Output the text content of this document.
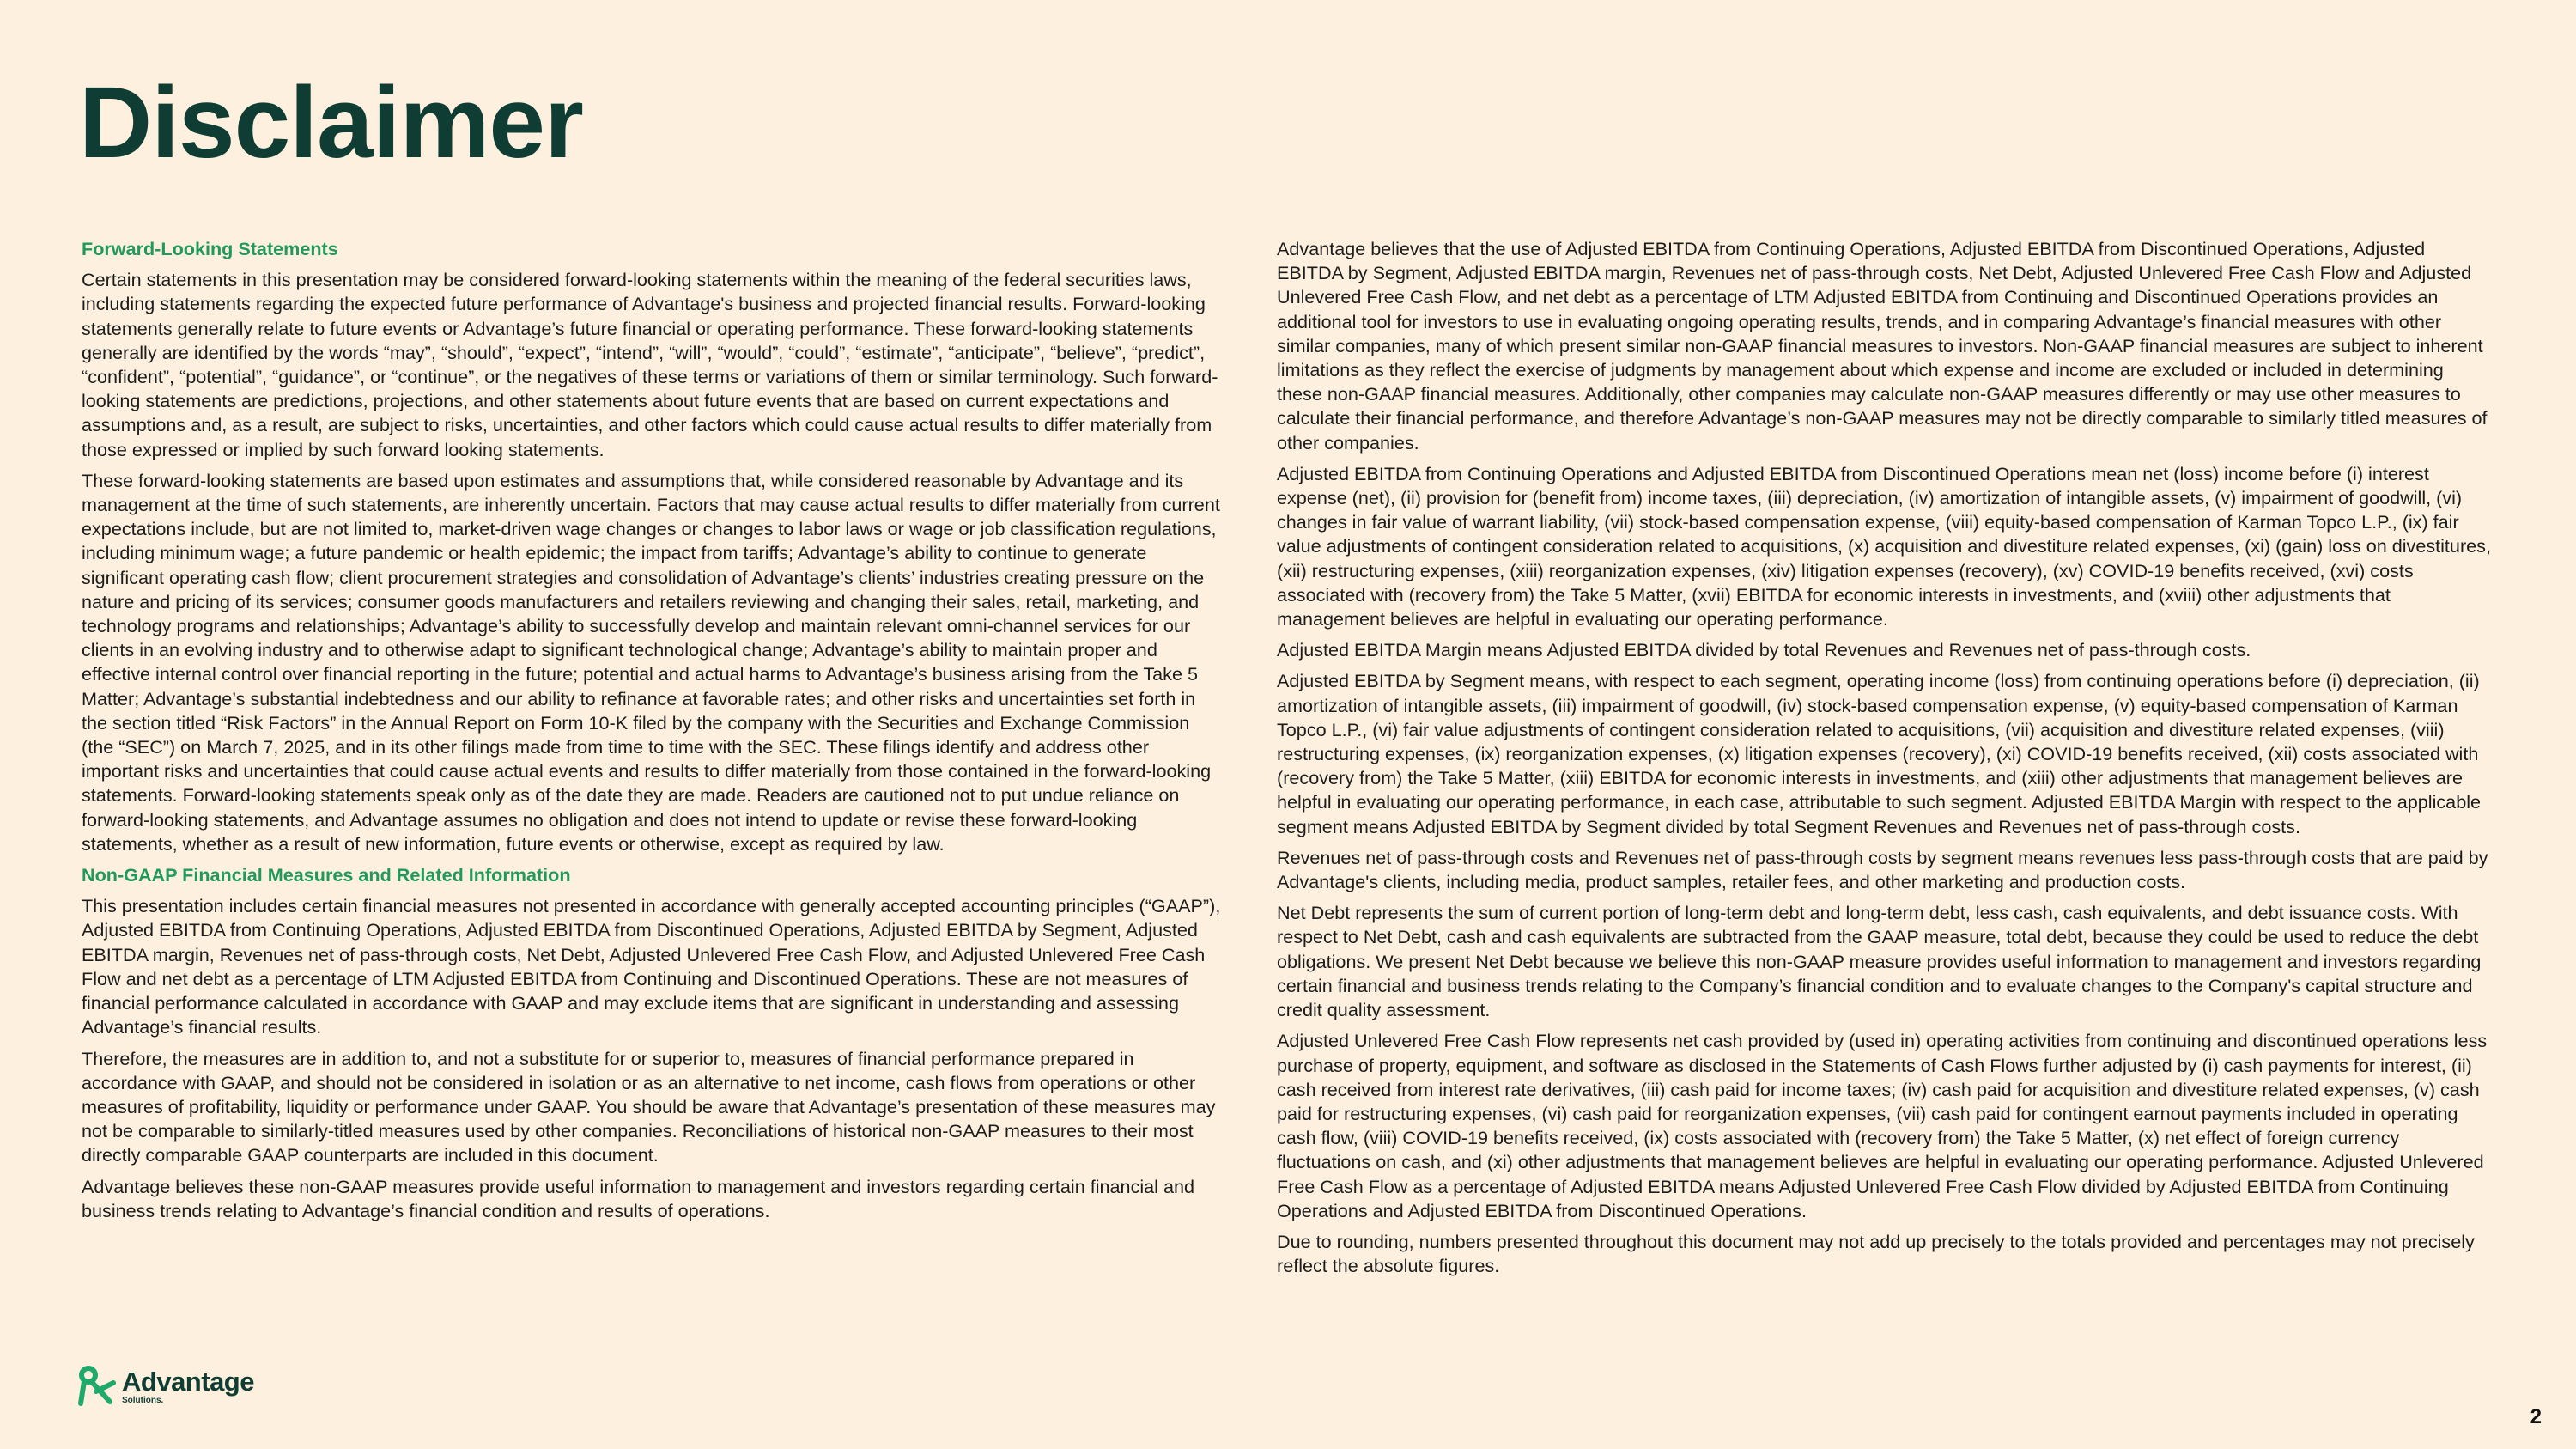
Disclaimer
Forward-Looking Statements

Certain statements in this presentation may be considered forward-looking statements within the meaning of the federal securities laws, including statements regarding the expected future performance of Advantage's business and projected financial results. Forward-looking statements generally relate to future events or Advantage’s future financial or operating performance. These forward-looking statements generally are identified by the words “may”, “should”, “expect”, “intend”, “will”, “would”, “could”, “estimate”, “anticipate”, “believe”, “predict”, “confident”, “potential”, “guidance”, or “continue”, or the negatives of these terms or variations of them or similar terminology. Such forward-looking statements are predictions, projections, and other statements about future events that are based on current expectations and assumptions and, as a result, are subject to risks, uncertainties, and other factors which could cause actual results to differ materially from those expressed or implied by such forward looking statements.

These forward-looking statements are based upon estimates and assumptions that, while considered reasonable by Advantage and its management at the time of such statements, are inherently uncertain. Factors that may cause actual results to differ materially from current expectations include, but are not limited to, market-driven wage changes or changes to labor laws or wage or job classification regulations, including minimum wage; a future pandemic or health epidemic; the impact from tariffs; Advantage’s ability to continue to generate significant operating cash flow; client procurement strategies and consolidation of Advantage’s clients’ industries creating pressure on the nature and pricing of its services; consumer goods manufacturers and retailers reviewing and changing their sales, retail, marketing, and technology programs and relationships; Advantage’s ability to successfully develop and maintain relevant omni-channel services for our clients in an evolving industry and to otherwise adapt to significant technological change; Advantage’s ability to maintain proper and effective internal control over financial reporting in the future; potential and actual harms to Advantage’s business arising from the Take 5 Matter; Advantage’s substantial indebtedness and our ability to refinance at favorable rates; and other risks and uncertainties set forth in the section titled “Risk Factors” in the Annual Report on Form 10-K filed by the company with the Securities and Exchange Commission (the “SEC”) on March 7, 2025, and in its other filings made from time to time with the SEC. These filings identify and address other important risks and uncertainties that could cause actual events and results to differ materially from those contained in the forward-looking statements. Forward-looking statements speak only as of the date they are made. Readers are cautioned not to put undue reliance on forward-looking statements, and Advantage assumes no obligation and does not intend to update or revise these forward-looking statements, whether as a result of new information, future events or otherwise, except as required by law.

Non-GAAP Financial Measures and Related Information

This presentation includes certain financial measures not presented in accordance with generally accepted accounting principles (“GAAP”), Adjusted EBITDA from Continuing Operations, Adjusted EBITDA from Discontinued Operations, Adjusted EBITDA by Segment, Adjusted EBITDA margin, Revenues net of pass-through costs, Net Debt, Adjusted Unlevered Free Cash Flow, and Adjusted Unlevered Free Cash Flow and net debt as a percentage of LTM Adjusted EBITDA from Continuing and Discontinued Operations. These are not measures of financial performance calculated in accordance with GAAP and may exclude items that are significant in understanding and assessing Advantage’s financial results.

Therefore, the measures are in addition to, and not a substitute for or superior to, measures of financial performance prepared in accordance with GAAP, and should not be considered in isolation or as an alternative to net income, cash flows from operations or other measures of profitability, liquidity or performance under GAAP. You should be aware that Advantage’s presentation of these measures may not be comparable to similarly-titled measures used by other companies. Reconciliations of historical non-GAAP measures to their most directly comparable GAAP counterparts are included in this document.

Advantage believes these non-GAAP measures provide useful information to management and investors regarding certain financial and business trends relating to Advantage’s financial condition and results of operations.

Advantage believes that the use of Adjusted EBITDA from Continuing Operations, Adjusted EBITDA from Discontinued Operations, Adjusted EBITDA by Segment, Adjusted EBITDA margin, Revenues net of pass-through costs, Net Debt, Adjusted Unlevered Free Cash Flow and Adjusted Unlevered Free Cash Flow, and net debt as a percentage of LTM Adjusted EBITDA from Continuing and Discontinued Operations provides an additional tool for investors to use in evaluating ongoing operating results, trends, and in comparing Advantage’s financial measures with other similar companies, many of which present similar non-GAAP financial measures to investors. Non-GAAP financial measures are subject to inherent limitations as they reflect the exercise of judgments by management about which expense and income are excluded or included in determining these non-GAAP financial measures. Additionally, other companies may calculate non-GAAP measures differently or may use other measures to calculate their financial performance, and therefore Advantage’s non-GAAP measures may not be directly comparable to similarly titled measures of other companies.

Adjusted EBITDA from Continuing Operations and Adjusted EBITDA from Discontinued Operations mean net (loss) income before (i) interest expense (net), (ii) provision for (benefit from) income taxes, (iii) depreciation, (iv) amortization of intangible assets, (v) impairment of goodwill, (vi) changes in fair value of warrant liability, (vii) stock-based compensation expense, (viii) equity-based compensation of Karman Topco L.P., (ix) fair value adjustments of contingent consideration related to acquisitions, (x) acquisition and divestiture related expenses, (xi) (gain) loss on divestitures, (xii) restructuring expenses, (xiii) reorganization expenses, (xiv) litigation expenses (recovery), (xv) COVID-19 benefits received, (xvi) costs associated with (recovery from) the Take 5 Matter, (xvii) EBITDA for economic interests in investments, and (xviii) other adjustments that management believes are helpful in evaluating our operating performance.

Adjusted EBITDA Margin means Adjusted EBITDA divided by total Revenues and Revenues net of pass-through costs.

Adjusted EBITDA by Segment means, with respect to each segment, operating income (loss) from continuing operations before (i) depreciation, (ii) amortization of intangible assets, (iii) impairment of goodwill, (iv) stock-based compensation expense, (v) equity-based compensation of Karman Topco L.P., (vi) fair value adjustments of contingent consideration related to acquisitions, (vii) acquisition and divestiture related expenses, (viii) restructuring expenses, (ix) reorganization expenses, (x) litigation expenses (recovery), (xi) COVID-19 benefits received, (xii) costs associated with (recovery from) the Take 5 Matter, (xiii) EBITDA for economic interests in investments, and (xiii) other adjustments that management believes are helpful in evaluating our operating performance, in each case, attributable to such segment. Adjusted EBITDA Margin with respect to the applicable segment means Adjusted EBITDA by Segment divided by total Segment Revenues and Revenues net of pass-through costs.

Revenues net of pass-through costs and Revenues net of pass-through costs by segment means revenues less pass-through costs that are paid by Advantage's clients, including media, product samples, retailer fees, and other marketing and production costs.

Net Debt represents the sum of current portion of long-term debt and long-term debt, less cash, cash equivalents, and debt issuance costs. With respect to Net Debt, cash and cash equivalents are subtracted from the GAAP measure, total debt, because they could be used to reduce the debt obligations. We present Net Debt because we believe this non-GAAP measure provides useful information to management and investors regarding certain financial and business trends relating to the Company’s financial condition and to evaluate changes to the Company's capital structure and credit quality assessment.

Adjusted Unlevered Free Cash Flow represents net cash provided by (used in) operating activities from continuing and discontinued operations less purchase of property, equipment, and software as disclosed in the Statements of Cash Flows further adjusted by (i) cash payments for interest, (ii) cash received from interest rate derivatives, (iii) cash paid for income taxes; (iv) cash paid for acquisition and divestiture related expenses, (v) cash paid for restructuring expenses, (vi) cash paid for reorganization expenses, (vii) cash paid for contingent earnout payments included in operating cash flow, (viii) COVID-19 benefits received, (ix) costs associated with (recovery from) the Take 5 Matter, (x) net effect of foreign currency fluctuations on cash, and (xi) other adjustments that management believes are helpful in evaluating our operating performance. Adjusted Unlevered Free Cash Flow as a percentage of Adjusted EBITDA means Adjusted Unlevered Free Cash Flow divided by Adjusted EBITDA from Continuing Operations and Adjusted EBITDA from Discontinued Operations.

Due to rounding, numbers presented throughout this document may not add up precisely to the totals provided and percentages may not precisely reflect the absolute figures.

Advantage
Solutions.
2
